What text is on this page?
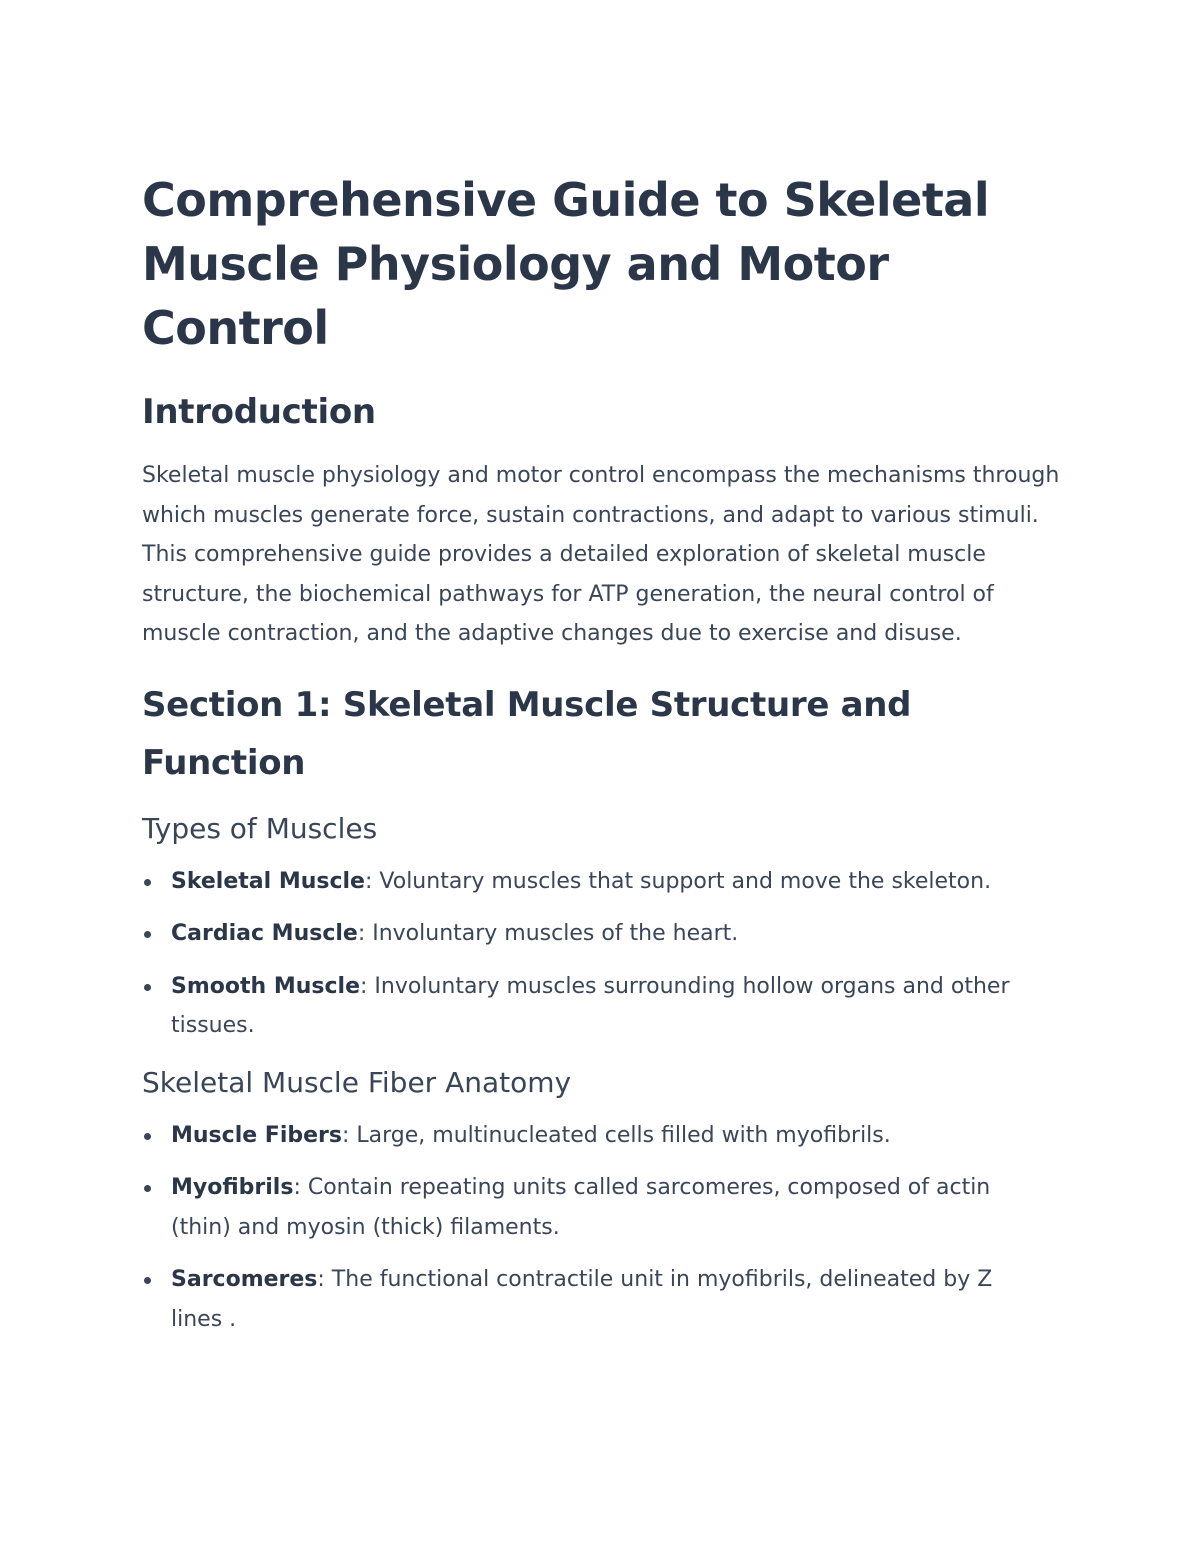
Comprehensive Guide to Skeletal Muscle Physiology and Motor Control
Introduction

Skeletal muscle physiology and motor control encompass the mechanisms through which muscles generate force, sustain contractions, and adapt to various stimuli. This comprehensive guide provides a detailed exploration of skeletal muscle structure, the biochemical pathways for ATP generation, the neural control of muscle contraction, and the adaptive changes due to exercise and disuse.

Section 1: Skeletal Muscle Structure and Function
Types of Muscles
Skeletal Muscle: Voluntary muscles that support and move the skeleton.
Cardiac Muscle: Involuntary muscles of the heart.
Smooth Muscle: Involuntary muscles surrounding hollow organs and other tissues.
Skeletal Muscle Fiber Anatomy
Muscle Fibers: Large, multinucleated cells filled with myofibrils.
Myofibrils: Contain repeating units called sarcomeres, composed of actin (thin) and myosin (thick) filaments.
Sarcomeres: The functional contractile unit in myofibrils, delineated by Z lines .
